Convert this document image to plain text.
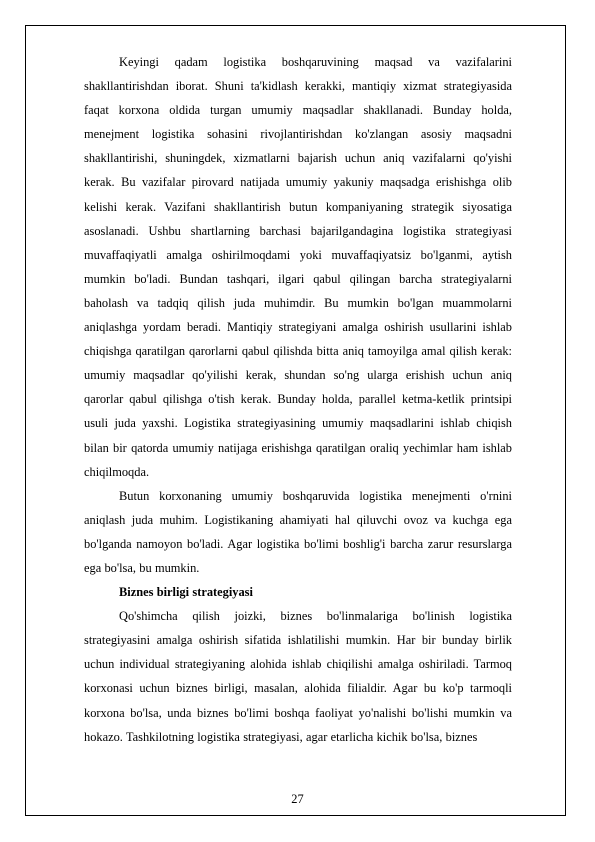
Keyingi qadam logistika boshqaruvining maqsad va vazifalarini shakllantirishdan iborat. Shuni ta'kidlash kerakki, mantiqiy xizmat strategiyasida faqat korxona oldida turgan umumiy maqsadlar shakllanadi. Bunday holda, menejment logistika sohasini rivojlantirishdan ko'zlangan asosiy maqsadni shakllantirishi, shuningdek, xizmatlarni bajarish uchun aniq vazifalarni qo'yishi kerak. Bu vazifalar pirovard natijada umumiy yakuniy maqsadga erishishga olib kelishi kerak. Vazifani shakllantirish butun kompaniyaning strategik siyosatiga asoslanadi. Ushbu shartlarning barchasi bajarilgandagina logistika strategiyasi muvaffaqiyatli amalga oshirilmoqdami yoki muvaffaqiyatsiz bo'lganmi, aytish mumkin bo'ladi. Bundan tashqari, ilgari qabul qilingan barcha strategiyalarni baholash va tadqiq qilish juda muhimdir. Bu mumkin bo'lgan muammolarni aniqlashga yordam beradi. Mantiqiy strategiyani amalga oshirish usullarini ishlab chiqishga qaratilgan qarorlarni qabul qilishda bitta aniq tamoyilga amal qilish kerak: umumiy maqsadlar qo'yilishi kerak, shundan so'ng ularga erishish uchun aniq qarorlar qabul qilishga o'tish kerak. Bunday holda, parallel ketma-ketlik printsipi usuli juda yaxshi. Logistika strategiyasining umumiy maqsadlarini ishlab chiqish bilan bir qatorda umumiy natijaga erishishga qaratilgan oraliq yechimlar ham ishlab chiqilmoqda.

Butun korxonaning umumiy boshqaruvida logistika menejmenti o'rnini aniqlash juda muhim. Logistikaning ahamiyati hal qiluvchi ovoz va kuchga ega bo'lganda namoyon bo'ladi. Agar logistika bo'limi boshlig'i barcha zarur resurslarga ega bo'lsa, bu mumkin.

Biznes birligi strategiyasi

Qo'shimcha qilish joizki, biznes bo'linmalariga bo'linish logistika strategiyasini amalga oshirish sifatida ishlatilishi mumkin. Har bir bunday birlik uchun individual strategiyaning alohida ishlab chiqilishi amalga oshiriladi. Tarmoq korxonasi uchun biznes birligi, masalan, alohida filialdir. Agar bu ko'p tarmoqli korxona bo'lsa, unda biznes bo'limi boshqa faoliyat yo'nalishi bo'lishi mumkin va hokazo. Tashkilotning logistika strategiyasi, agar etarlicha kichik bo'lsa, biznes

27
